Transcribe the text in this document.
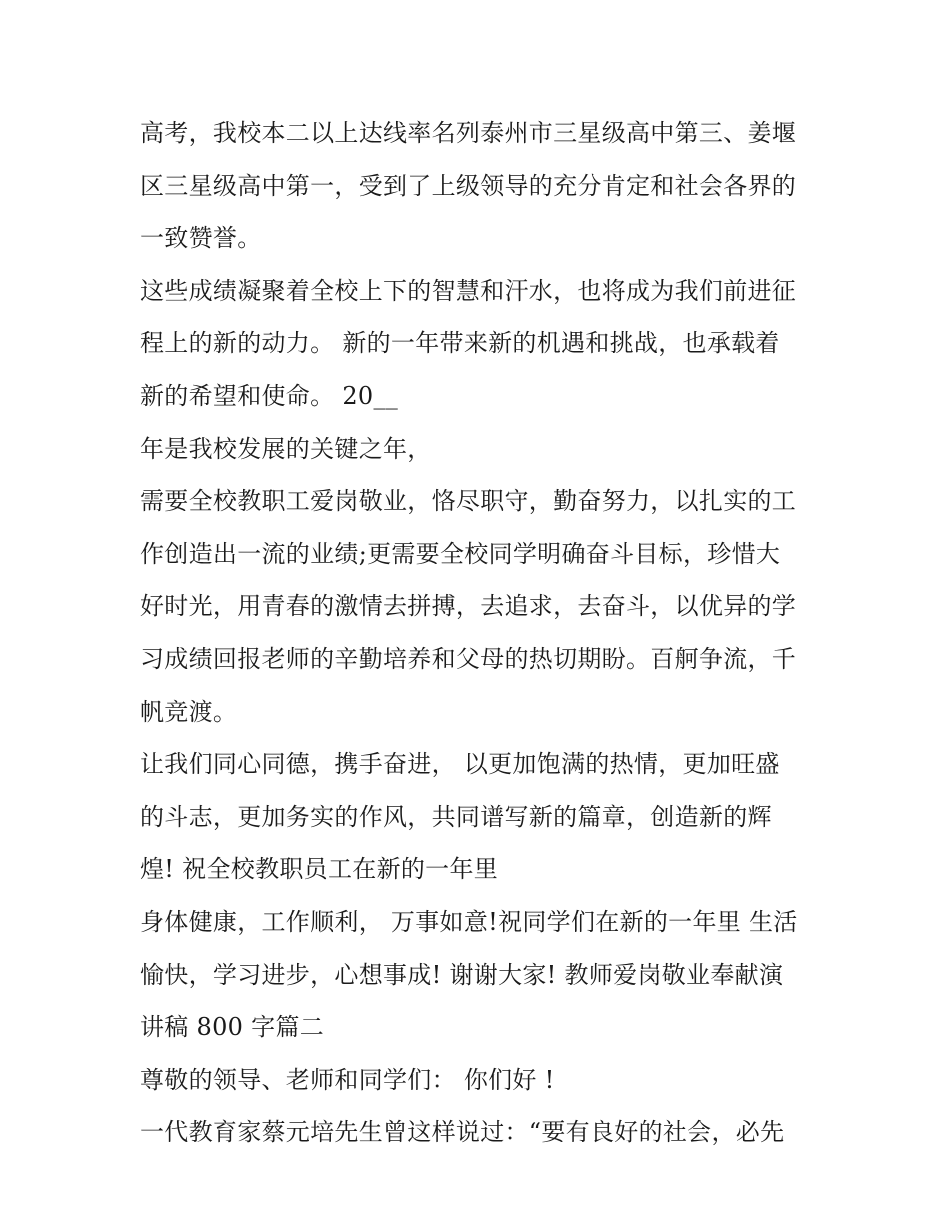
高考，我校本二以上达线率名列泰州市三星级高中第三、姜堰
区三星级高中第一，受到了上级领导的充分肯定和社会各界的
一致赞誉。
这些成绩凝聚着全校上下的智慧和汗水，也将成为我们前进征
程上的新的动力。 新的一年带来新的机遇和挑战，也承载着
新的希望和使命。 20__
年是我校发展的关键之年，
需要全校教职工爱岗敬业，恪尽职守，勤奋努力，以扎实的工
作创造出一流的业绩;更需要全校同学明确奋斗目标，珍惜大
好时光，用青春的激情去拼搏，去追求，去奋斗，以优异的学
习成绩回报老师的辛勤培养和父母的热切期盼。百舸争流，千
帆竞渡。
让我们同心同德，携手奋进， 以更加饱满的热情，更加旺盛
的斗志，更加务实的作风，共同谱写新的篇章，创造新的辉
煌! 祝全校教职员工在新的一年里
身体健康，工作顺利， 万事如意!祝同学们在新的一年里 生活
愉快，学习进步，心想事成! 谢谢大家! 教师爱岗敬业奉献演
讲稿 800 字篇二
尊敬的领导、老师和同学们： 你们好 !
一代教育家蔡元培先生曾这样说过：“要有良好的社会，必先
